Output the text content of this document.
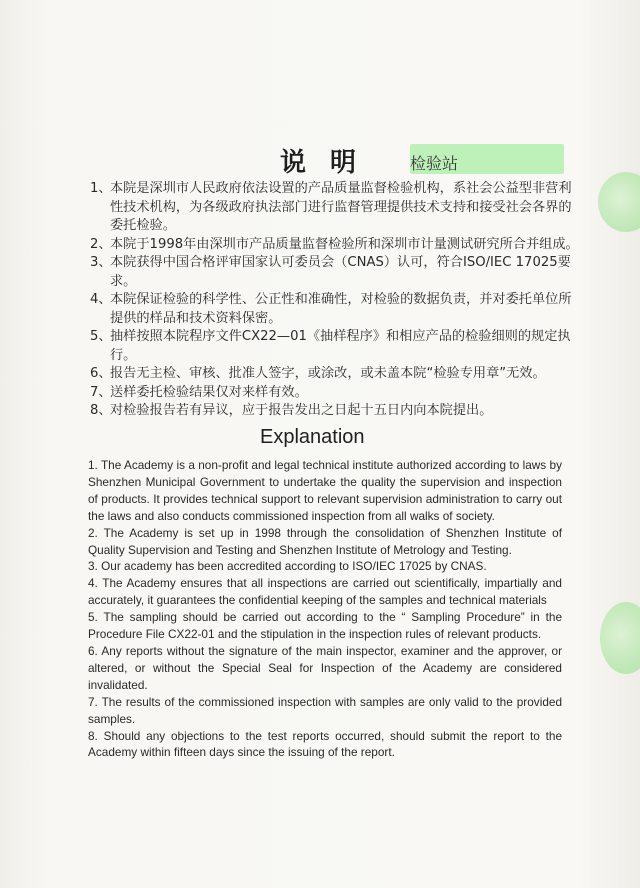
检验站
说明
1、
本院是深圳市人民政府依法设置的产品质量监督检验机构，系社会公益型非营利性技术机构，为各级政府执法部门进行监督管理提供技术支持和接受社会各界的委托检验。
2、
本院于1998年由深圳市产品质量监督检验所和深圳市计量测试研究所合并组成。
3、
本院获得中国合格评审国家认可委员会（CNAS）认可，符合ISO/IEC 17025要求。
4、
本院保证检验的科学性、公正性和准确性，对检验的数据负责，并对委托单位所提供的样品和技术资料保密。
5、
抽样按照本院程序文件CX22—01《抽样程序》和相应产品的检验细则的规定执行。
6、
报告无主检、审核、批准人签字，或涂改，或未盖本院“检验专用章”无效。
7、
送样委托检验结果仅对来样有效。
8、
对检验报告若有异议，应于报告发出之日起十五日内向本院提出。
Explanation

1. The Academy is a non-profit and legal technical institute authorized according to laws by Shenzhen Municipal Government to undertake the quality the supervision and inspection of products. It provides technical support to relevant supervision administration to carry out the laws and also conducts commissioned inspection from all walks of society.

2. The Academy is set up in 1998 through the consolidation of Shenzhen Institute of Quality Supervision and Testing and Shenzhen Institute of Metrology and Testing.

3. Our academy has been accredited according to ISO/IEC 17025 by CNAS.

4. The Academy ensures that all inspections are carried out scientifically, impartially and accurately, it guarantees the confidential keeping of the samples and technical materials

5. The sampling should be carried out according to the “ Sampling Procedure” in the Procedure File CX22-01 and the stipulation in the inspection rules of relevant products.

6. Any reports without the signature of the main inspector, examiner and the approver, or altered, or without the Special Seal for Inspection of the Academy are considered invalidated.

7. The results of the commissioned inspection with samples are only valid to the provided samples.

8. Should any objections to the test reports occurred, should submit the report to the Academy within fifteen days since the issuing of the report.
